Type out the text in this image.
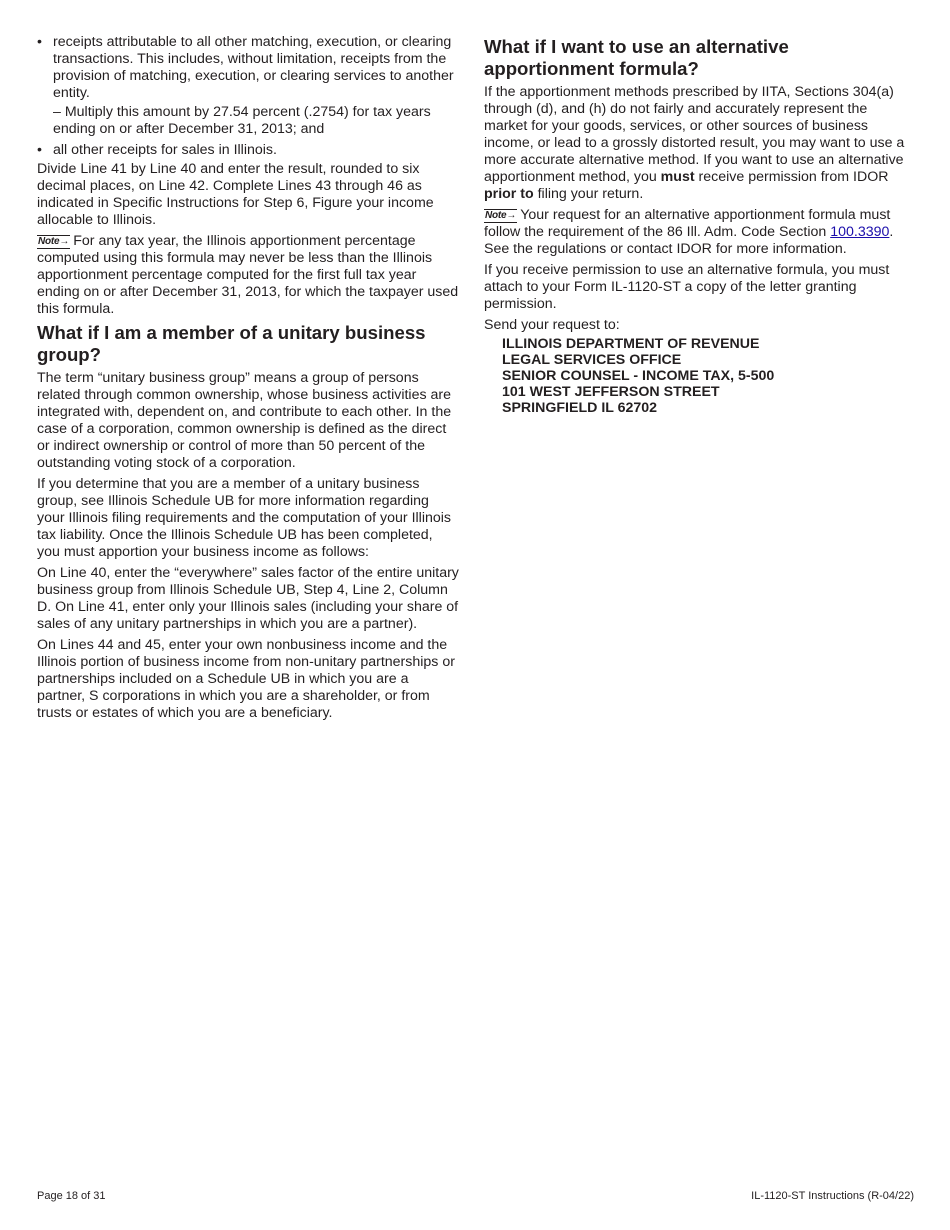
• receipts attributable to all other matching, execution, or clearing transactions. This includes, without limitation, receipts from the provision of matching, execution, or clearing services to another entity.

– Multiply this amount by 27.54 percent (.2754) for tax years ending on or after December 31, 2013; and

• all other receipts for sales in Illinois.

Divide Line 41 by Line 40 and enter the result, rounded to six decimal places, on Line 42. Complete Lines 43 through 46 as indicated in Specific Instructions for Step 6, Figure your income allocable to Illinois.

Note→ For any tax year, the Illinois apportionment percentage computed using this formula may never be less than the Illinois apportionment percentage computed for the first full tax year ending on or after December 31, 2013, for which the taxpayer used this formula.

What if I am a member of a unitary business group?

The term “unitary business group” means a group of persons related through common ownership, whose business activities are integrated with, dependent on, and contribute to each other. In the case of a corporation, common ownership is defined as the direct or indirect ownership or control of more than 50 percent of the outstanding voting stock of a corporation.

If you determine that you are a member of a unitary business group, see Illinois Schedule UB for more information regarding your Illinois filing requirements and the computation of your Illinois tax liability. Once the Illinois Schedule UB has been completed, you must apportion your business income as follows:

On Line 40, enter the “everywhere” sales factor of the entire unitary business group from Illinois Schedule UB, Step 4, Line 2, Column D. On Line 41, enter only your Illinois sales (including your share of sales of any unitary partnerships in which you are a partner).

On Lines 44 and 45, enter your own nonbusiness income and the Illinois portion of business income from non-unitary partnerships or partnerships included on a Schedule UB in which you are a partner, S corporations in which you are a shareholder, or from trusts or estates of which you are a beneficiary.

What if I want to use an alternative apportionment formula?

If the apportionment methods prescribed by IITA, Sections 304(a) through (d), and (h) do not fairly and accurately represent the market for your goods, services, or other sources of business income, or lead to a grossly distorted result, you may want to use a more accurate alternative method. If you want to use an alternative apportionment method, you must receive permission from IDOR prior to filing your return.

Note→ Your request for an alternative apportionment formula must follow the requirement of the 86 Ill. Adm. Code Section 100.3390. See the regulations or contact IDOR for more information.

If you receive permission to use an alternative formula, you must attach to your Form IL-1120-ST a copy of the letter granting permission.

Send your request to:

ILLINOIS DEPARTMENT OF REVENUE
LEGAL SERVICES OFFICE
SENIOR COUNSEL - INCOME TAX, 5-500
101 WEST JEFFERSON STREET
SPRINGFIELD IL 62702
Page 18 of 31	IL-1120-ST Instructions (R-04/22)
